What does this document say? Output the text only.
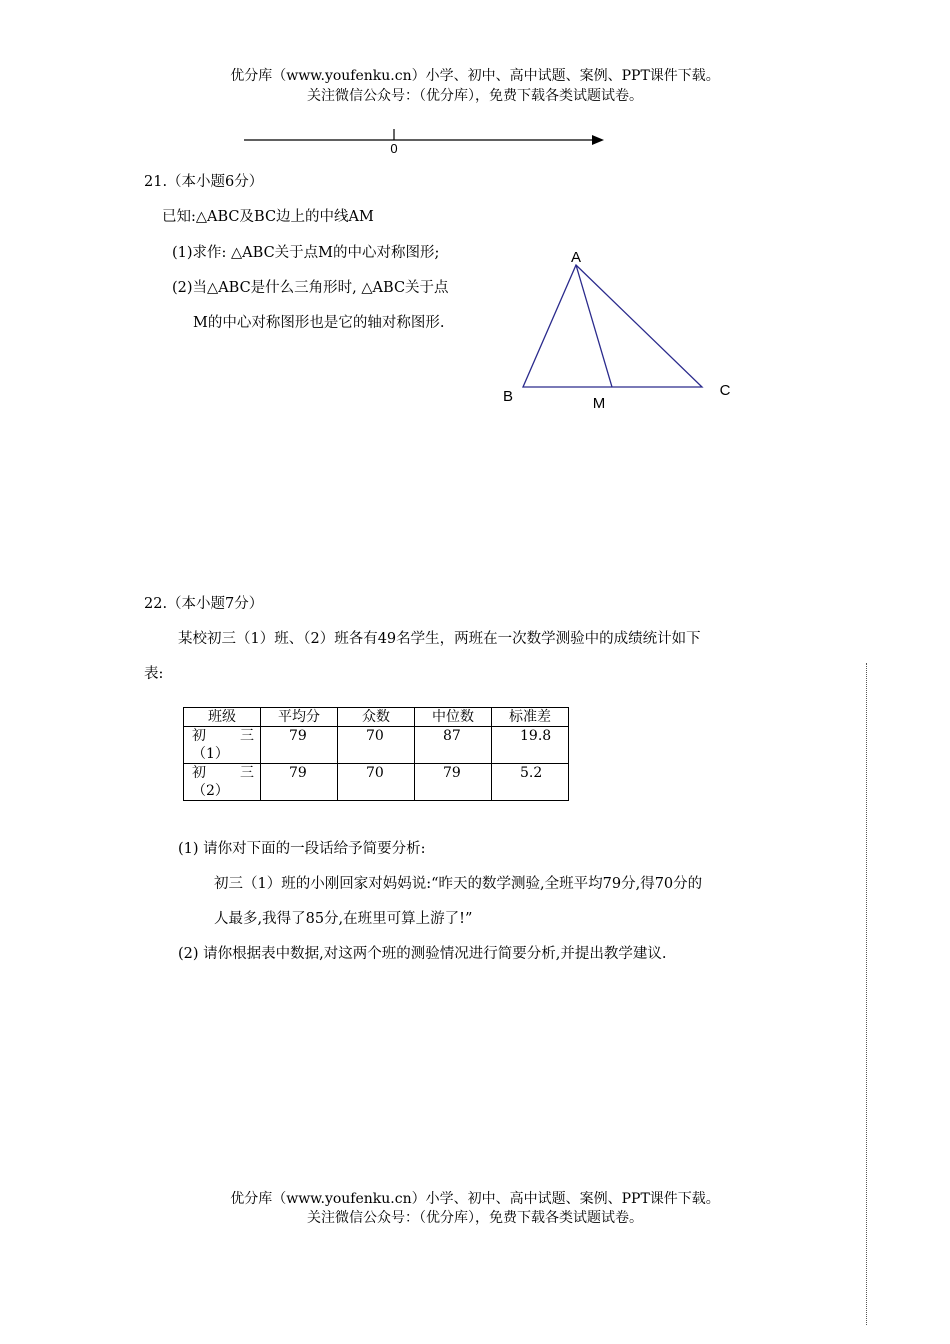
优分库（www.youfenku.cn）小学、初中、高中试题、案例、PPT课件下载。
关注微信公众号：（优分库），免费下载各类试题试卷。
0
21.（本小题6分）
已知:△ABC及BC边上的中线AM
(1)求作: △ABC关于点M的中心对称图形;
(2)当△ABC是什么三角形时, △ABC关于点
M的中心对称图形也是它的轴对称图形.
A
B	C
M
22.（本小题7分）
某校初三（1）班、（2）班各有49名学生，两班在一次数学测验中的成绩统计如下
表:
班级	平均分	众数	中位数	标准差

初 三
（1）	79	70	87	19.8

初 三
（2）	79	70	79	5.2
(1) 请你对下面的一段话给予简要分析:
初三（1）班的小刚回家对妈妈说:“昨天的数学测验,全班平均79分,得70分的
人最多,我得了85分,在班里可算上游了!”
(2) 请你根据表中数据,对这两个班的测验情况进行简要分析,并提出教学建议.
优分库（www.youfenku.cn）小学、初中、高中试题、案例、PPT课件下载。
关注微信公众号：（优分库），免费下载各类试题试卷。
